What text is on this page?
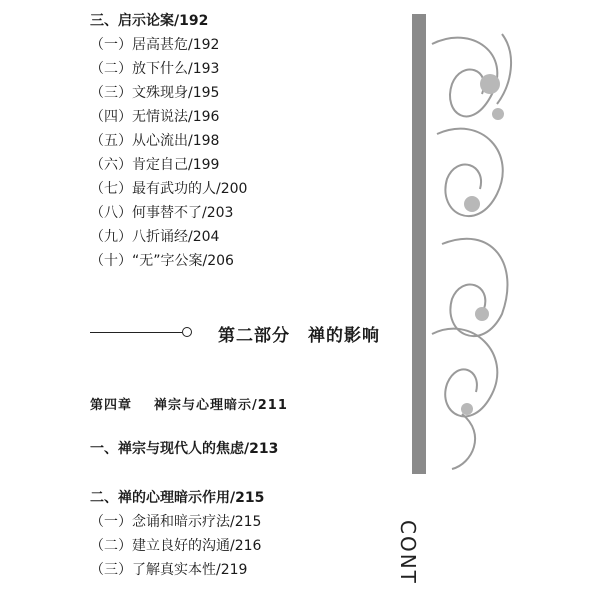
三、启示论案/192
（一）居高甚危/192
（二）放下什么/193
（三）文殊现身/195
（四）无情说法/196
（五）从心流出/198
（六）肯定自己/199
（七）最有武功的人/200
（八）何事替不了/203
（九）八折诵经/204
（十）“无”字公案/206
第二部分　禅的影响
第四章 禅宗与心理暗示/211
一、禅宗与现代人的焦虑/213
二、禅的心理暗示作用/215
（一）念诵和暗示疗法/215
（二）建立良好的沟通/216
（三）了解真实本性/219	CONT
